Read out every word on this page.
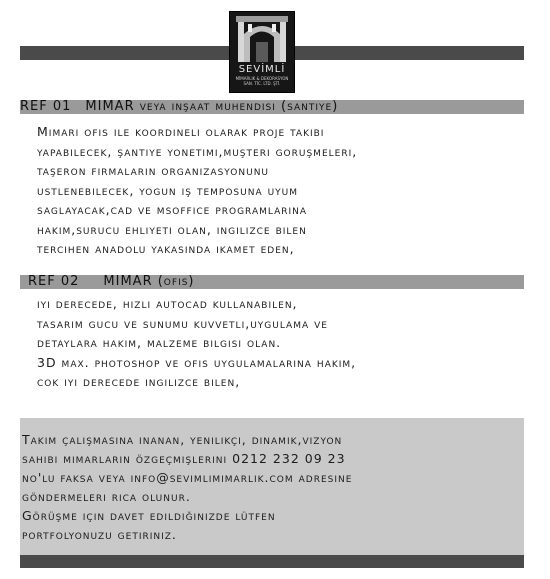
SEVİMLİ
MİMARLIK & DEKORASYON
SAN. TİC. LTD. ŞTİ.
REF 01 MIMAR veya inşaat muhendisi (santiye)
Mimari ofis ile koordineli olarak proje takibi
yapabilecek, şantiye yonetimi,muşteri goruşmeleri,
taşeron firmaların organizasyonunu
ustlenebilecek, yogun iş temposuna uyum
saglayacak,cad ve msoffice programlarına
hakim,surucu ehliyeti olan, ingilizce bilen
tercihen anadolu yakasında ikamet eden,
REF 02 MIMAR (ofis)
iyi derecede, hızlı autocad kullanabilen,
tasarım gucu ve sunumu kuvvetli,uygulama ve
detaylara hakim, malzeme bilgisi olan.
3D max. photoshop ve ofis uygulamalarına hakim,
cok iyi derecede ingilizce bilen,
Takım çalışmasına inanan, yenilikçi, dinamik,vizyon
sahibi mimarların özgeçmişlerini 0212 232 09 23
no'lu faksa veya info@sevimlimimarlik.com adresine
göndermeleri rica olunur.
Görüşme için davet edildiğinizde lütfen
portfolyonuzu getiriniz.
